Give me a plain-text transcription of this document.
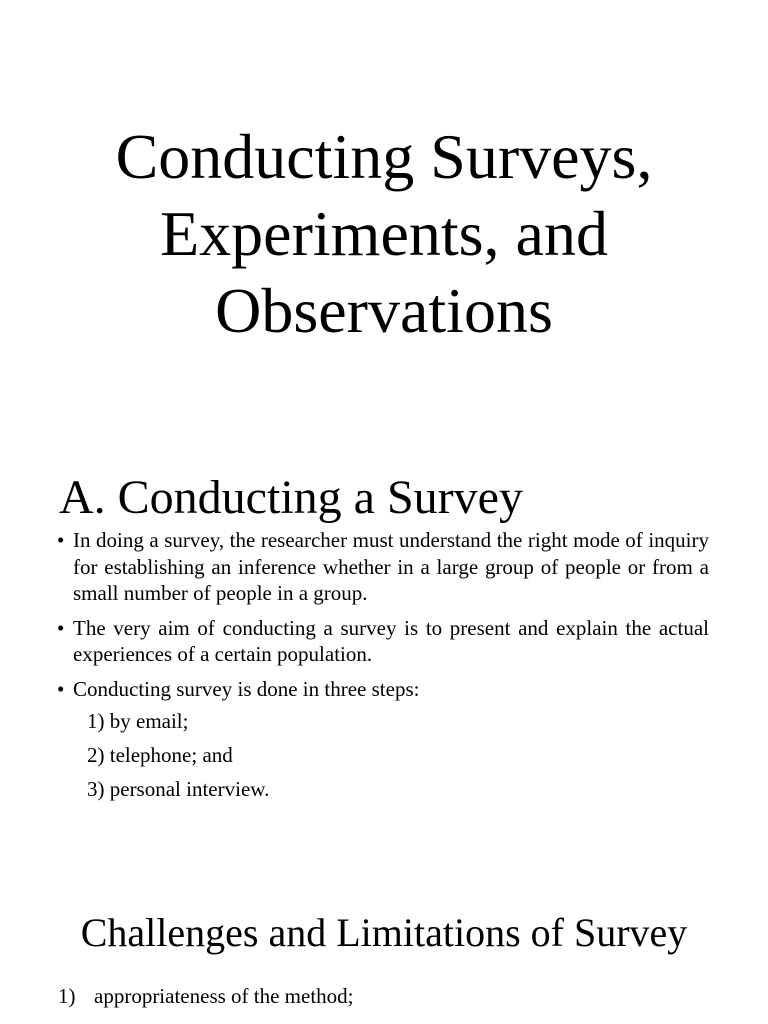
Conducting Surveys,
Experiments, and
Observations
A. Conducting a Survey
• In doing a survey, the researcher must understand the right mode of inquiry for establishing an inference whether in a large group of people or from a small number of people in a group.
• The very aim of conducting a survey is to present and explain the actual experiences of a certain population.
• Conducting survey is done in three steps:
1) by email;
2) telephone; and
3) personal interview.
Challenges and Limitations of Survey
1) appropriateness of the method;
